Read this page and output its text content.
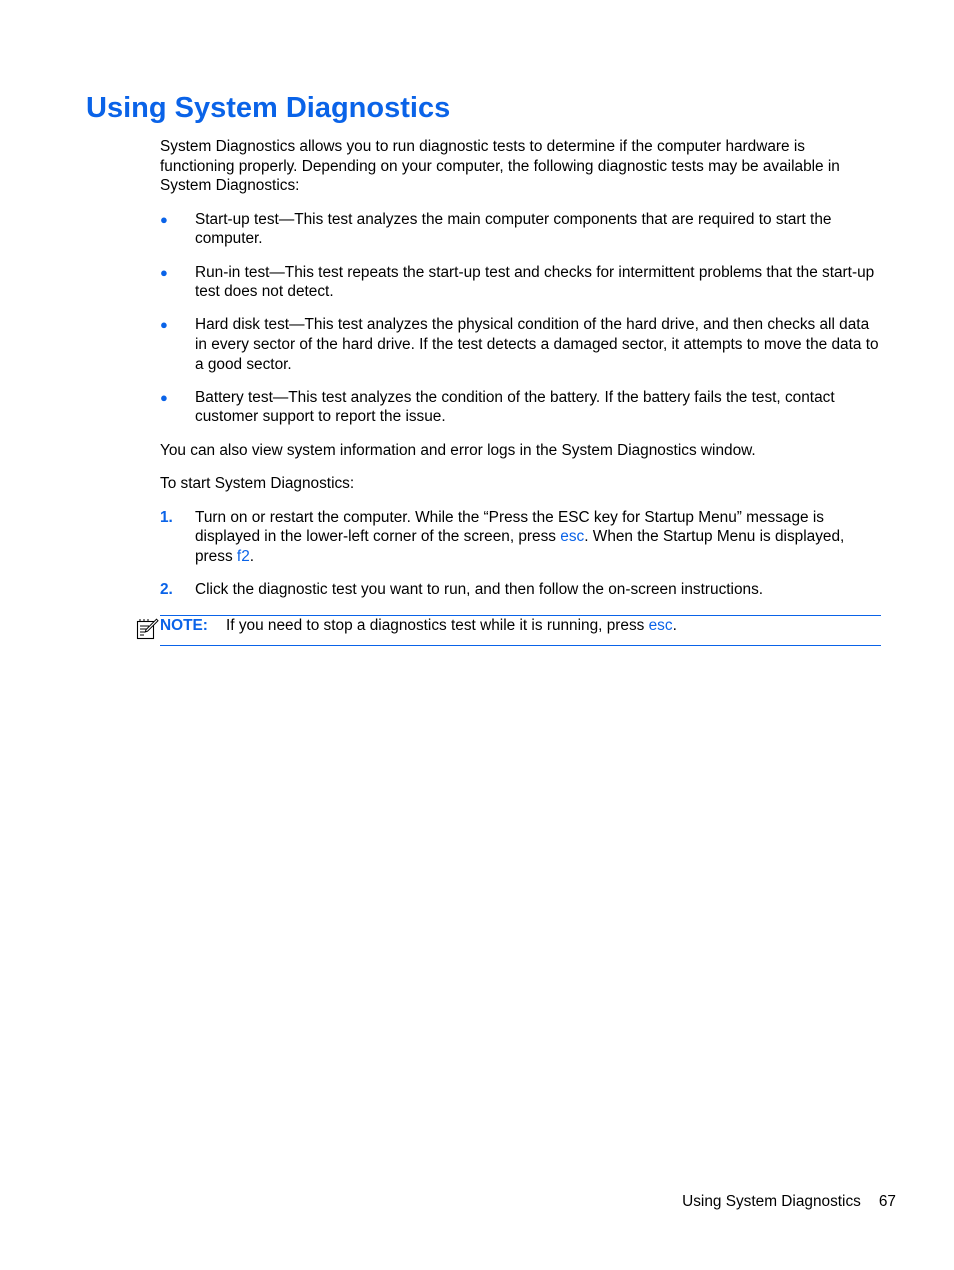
Using System Diagnostics

System Diagnostics allows you to run diagnostic tests to determine if the computer hardware is functioning properly. Depending on your computer, the following diagnostic tests may be available in System Diagnostics:

● Start-up test—This test analyzes the main computer components that are required to start the computer.
● Run-in test—This test repeats the start-up test and checks for intermittent problems that the start-up test does not detect.
● Hard disk test—This test analyzes the physical condition of the hard drive, and then checks all data in every sector of the hard drive. If the test detects a damaged sector, it attempts to move the data to a good sector.
● Battery test—This test analyzes the condition of the battery. If the battery fails the test, contact customer support to report the issue.

You can also view system information and error logs in the System Diagnostics window.

To start System Diagnostics:

1. Turn on or restart the computer. While the “Press the ESC key for Startup Menu” message is displayed in the lower-left corner of the screen, press esc. When the Startup Menu is displayed, press f2.
2. Click the diagnostic test you want to run, and then follow the on-screen instructions.
NOTE: If you need to stop a diagnostics test while it is running, press esc.
Using System Diagnostics 67
